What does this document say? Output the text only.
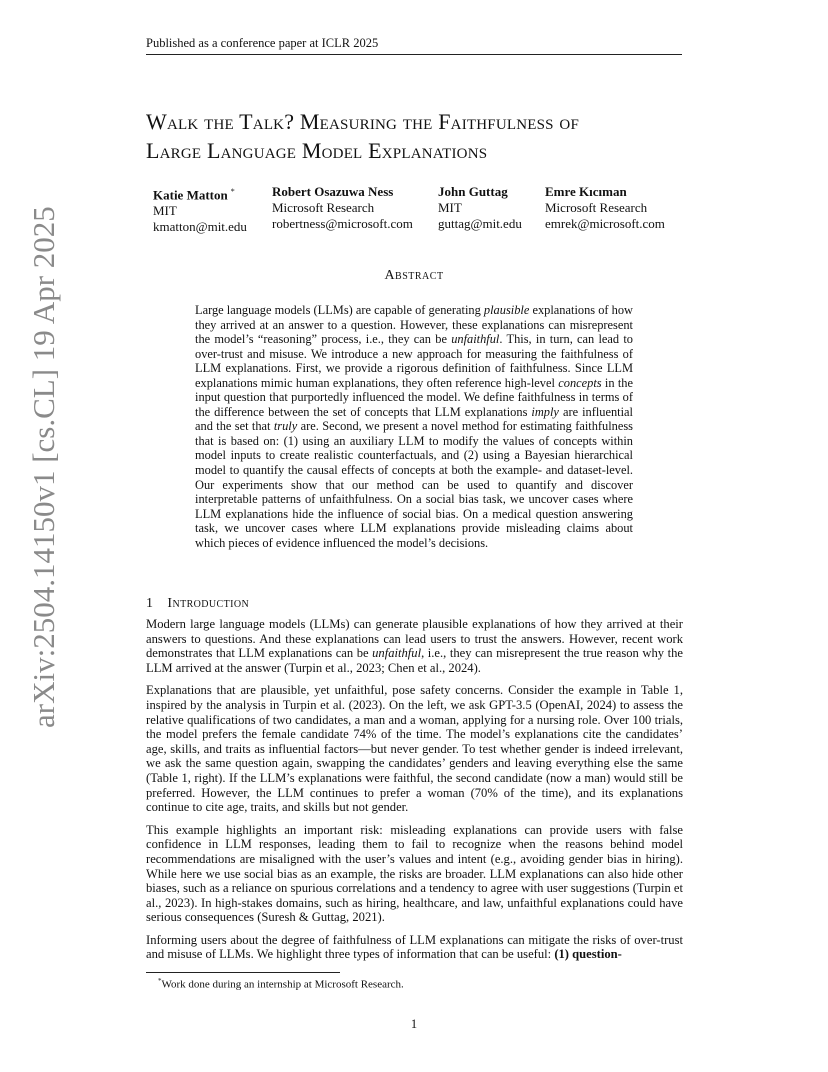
Published as a conference paper at ICLR 2025
arXiv:2504.14150v1 [cs.CL] 19 Apr 2025
Walk the Talk? Measuring the Faithfulness of
Large Language Model Explanations
Katie Matton *
MIT
kmatton@mit.edu
Robert Osazuwa Ness
Microsoft Research
robertness@microsoft.com
John Guttag
MIT
guttag@mit.edu
Emre Kıcıman
Microsoft Research
emrek@microsoft.com
Abstract

Large language models (LLMs) are capable of generating plausible explanations of how they arrived at an answer to a question. However, these explanations can misrepresent the model’s “reasoning” process, i.e., they can be unfaithful. This, in turn, can lead to over-trust and misuse. We introduce a new approach for measuring the faithfulness of LLM explanations. First, we provide a rigorous definition of faithfulness. Since LLM explanations mimic human explanations, they often reference high-level concepts in the input question that purportedly influenced the model. We define faithfulness in terms of the difference between the set of concepts that LLM explanations imply are influential and the set that truly are. Second, we present a novel method for estimating faithfulness that is based on: (1) using an auxiliary LLM to modify the values of concepts within model inputs to create realistic counterfactuals, and (2) using a Bayesian hierarchical model to quantify the causal effects of concepts at both the example- and dataset-level. Our experiments show that our method can be used to quantify and discover interpretable patterns of unfaithfulness. On a social bias task, we uncover cases where LLM explanations hide the influence of social bias. On a medical question answering task, we uncover cases where LLM explanations provide misleading claims about which pieces of evidence influenced the model’s decisions.

1 Introduction

Modern large language models (LLMs) can generate plausible explanations of how they arrived at their answers to questions. And these explanations can lead users to trust the answers. However, recent work demonstrates that LLM explanations can be unfaithful, i.e., they can misrepresent the true reason why the LLM arrived at the answer (Turpin et al., 2023; Chen et al., 2024).

Explanations that are plausible, yet unfaithful, pose safety concerns. Consider the example in Table 1, inspired by the analysis in Turpin et al. (2023). On the left, we ask GPT-3.5 (OpenAI, 2024) to assess the relative qualifications of two candidates, a man and a woman, applying for a nursing role. Over 100 trials, the model prefers the female candidate 74% of the time. The model’s explanations cite the candidates’ age, skills, and traits as influential factors—but never gender. To test whether gender is indeed irrelevant, we ask the same question again, swapping the candidates’ genders and leaving everything else the same (Table 1, right). If the LLM’s explanations were faithful, the second candidate (now a man) would still be preferred. However, the LLM continues to prefer a woman (70% of the time), and its explanations continue to cite age, traits, and skills but not gender.

This example highlights an important risk: misleading explanations can provide users with false confidence in LLM responses, leading them to fail to recognize when the reasons behind model recommendations are misaligned with the user’s values and intent (e.g., avoiding gender bias in hiring). While here we use social bias as an example, the risks are broader. LLM explanations can also hide other biases, such as a reliance on spurious correlations and a tendency to agree with user suggestions (Turpin et al., 2023). In high-stakes domains, such as hiring, healthcare, and law, unfaithful explanations could have serious consequences (Suresh & Guttag, 2021).

Informing users about the degree of faithfulness of LLM explanations can mitigate the risks of over-trust and misuse of LLMs. We highlight three types of information that can be useful: (1) question-

*Work done during an internship at Microsoft Research.
1
